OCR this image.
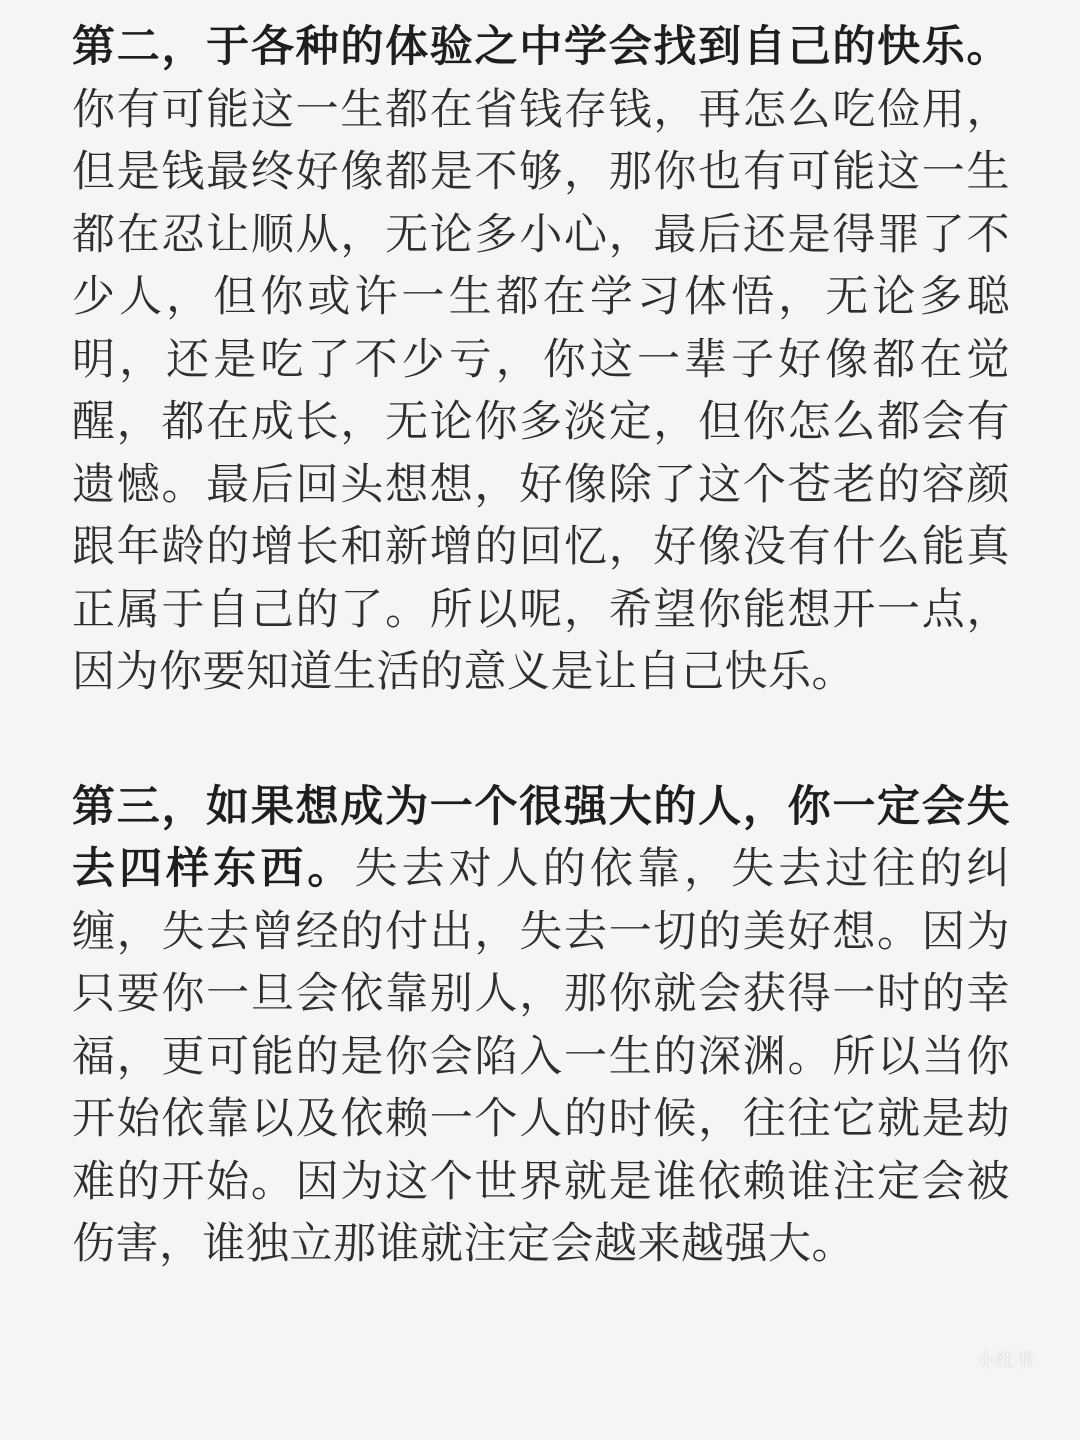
第二，于各种的体验之中学会找到自己的快乐。你有可能这一生都在省钱存钱，再怎么吃俭用，但是钱最终好像都是不够，那你也有可能这一生都在忍让顺从，无论多小心，最后还是得罪了不少人，但你或许一生都在学习体悟，无论多聪明，还是吃了不少亏，你这一辈子好像都在觉醒，都在成长，无论你多淡定，但你怎么都会有遗憾。最后回头想想，好像除了这个苍老的容颜跟年龄的增长和新增的回忆，好像没有什么能真正属于自己的了。所以呢，希望你能想开一点，因为你要知道生活的意义是让自己快乐。

第三，如果想成为一个很强大的人，你一定会失去四样东西。失去对人的依靠，失去过往的纠缠，失去曾经的付出，失去一切的美好想。因为只要你一旦会依靠别人，那你就会获得一时的幸福，更可能的是你会陷入一生的深渊。所以当你开始依靠以及依赖一个人的时候，往往它就是劫难的开始。因为这个世界就是谁依赖谁注定会被伤害，谁独立那谁就注定会越来越强大。

小红书
